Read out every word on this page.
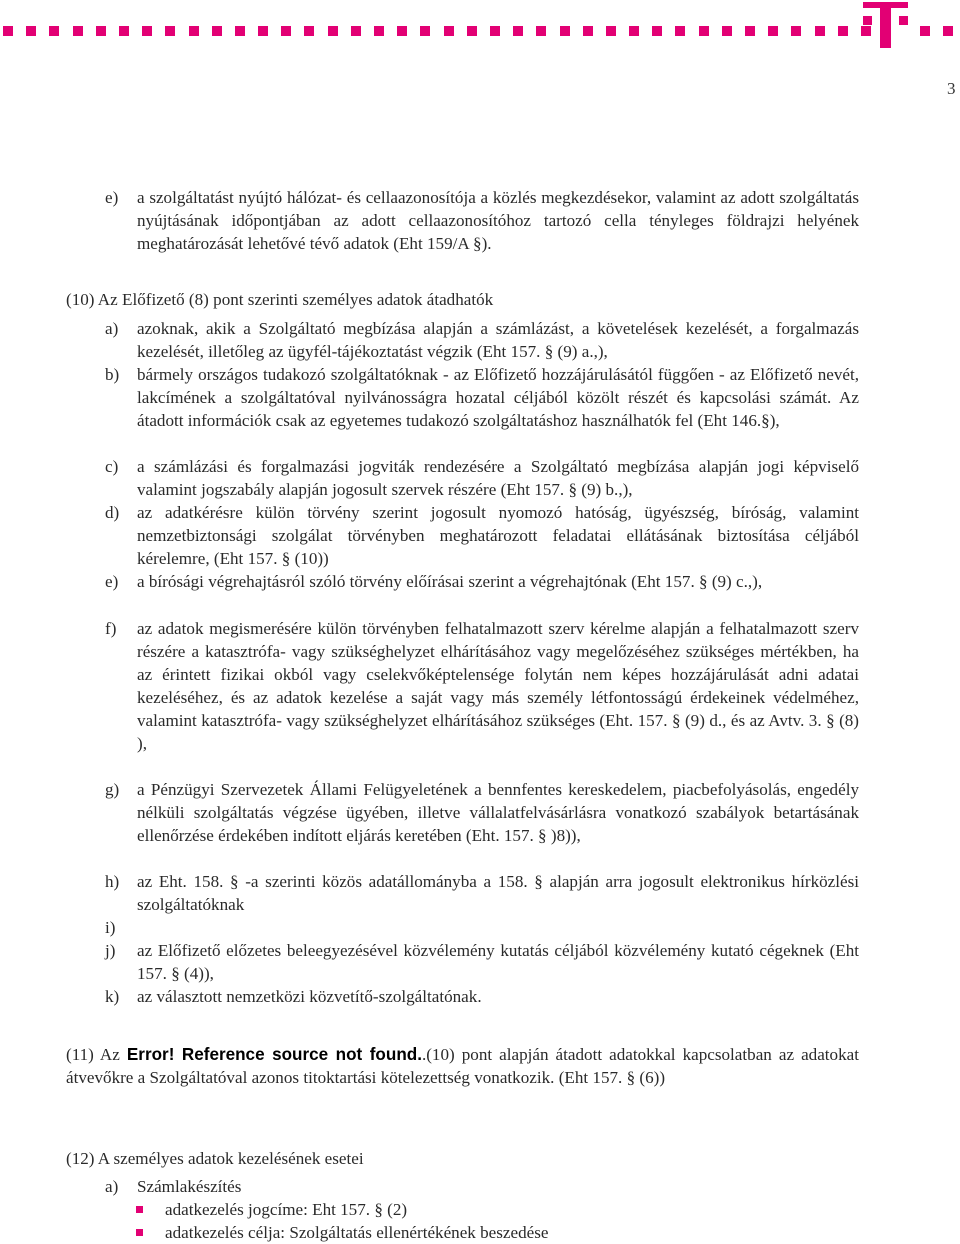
3
e) a szolgáltatást nyújtó hálózat- és cellaazonosítója a közlés megkezdésekor, valamint az adott szolgáltatás nyújtásának időpontjában az adott cellaazonosítóhoz tartozó cella tényleges földrajzi helyének meghatározását lehetővé tévő adatok (Eht 159/A §).
(10) Az Előfizető (8) pont szerinti személyes adatok átadhatók
a) azoknak, akik a Szolgáltató megbízása alapján a számlázást, a követelések kezelését, a forgalmazás kezelését, illetőleg az ügyfél-tájékoztatást végzik (Eht 157. § (9) a.,),
b) bármely országos tudakozó szolgáltatóknak - az Előfizető hozzájárulásától függően - az Előfizető nevét, lakcímének a szolgáltatóval nyilvánosságra hozatal céljából közölt részét és kapcsolási számát. Az átadott információk csak az egyetemes tudakozó szolgáltatáshoz használhatók fel (Eht 146.§),
c) a számlázási és forgalmazási jogviták rendezésére a Szolgáltató megbízása alapján jogi képviselő valamint jogszabály alapján jogosult szervek részére (Eht 157. § (9) b.,),
d) az adatkérésre külön törvény szerint jogosult nyomozó hatóság, ügyészség, bíróság, valamint nemzetbiztonsági szolgálat törvényben meghatározott feladatai ellátásának biztosítása céljából kérelemre, (Eht 157. § (10))
e) a bírósági végrehajtásról szóló törvény előírásai szerint a végrehajtónak (Eht 157. § (9) c.,),
f) az adatok megismerésére külön törvényben felhatalmazott szerv kérelme alapján a felhatalmazott szerv részére a katasztrófa- vagy szükséghelyzet elhárításához vagy megelőzéséhez szükséges mértékben, ha az érintett fizikai okból vagy cselekvőképtelensége folytán nem képes hozzájárulását adni adatai kezeléséhez, és az adatok kezelése a saját vagy más személy létfontosságú érdekeinek védelméhez, valamint katasztrófa- vagy szükséghelyzet elhárításához szükséges (Eht. 157. § (9) d., és az Avtv. 3. § (8) ),
g) a Pénzügyi Szervezetek Állami Felügyeletének a bennfentes kereskedelem, piacbefolyásolás, engedély nélküli szolgáltatás végzése ügyében, illetve vállalatfelvásárlásra vonatkozó szabályok betartásának ellenőrzése érdekében indított eljárás keretében (Eht. 157. § )8)),
h) az Eht. 158. § -a szerinti közös adatállományba a 158. § alapján arra jogosult elektronikus hírközlési szolgáltatóknak
i)
j) az Előfizető előzetes beleegyezésével közvélemény kutatás céljából közvélemény kutató cégeknek (Eht 157. § (4)),
k) az választott nemzetközi közvetítő-szolgáltatónak.
(11) Az Error! Reference source not found..(10) pont alapján átadott adatokkal kapcsolatban az adatokat átvevőkre a Szolgáltatóval azonos titoktartási kötelezettség vonatkozik. (Eht 157. § (6))
(12) A személyes adatok kezelésének esetei
a) Számlakészítés
adatkezelés jogcíme: Eht 157. § (2)
adatkezelés célja: Szolgáltatás ellenértékének beszedése
